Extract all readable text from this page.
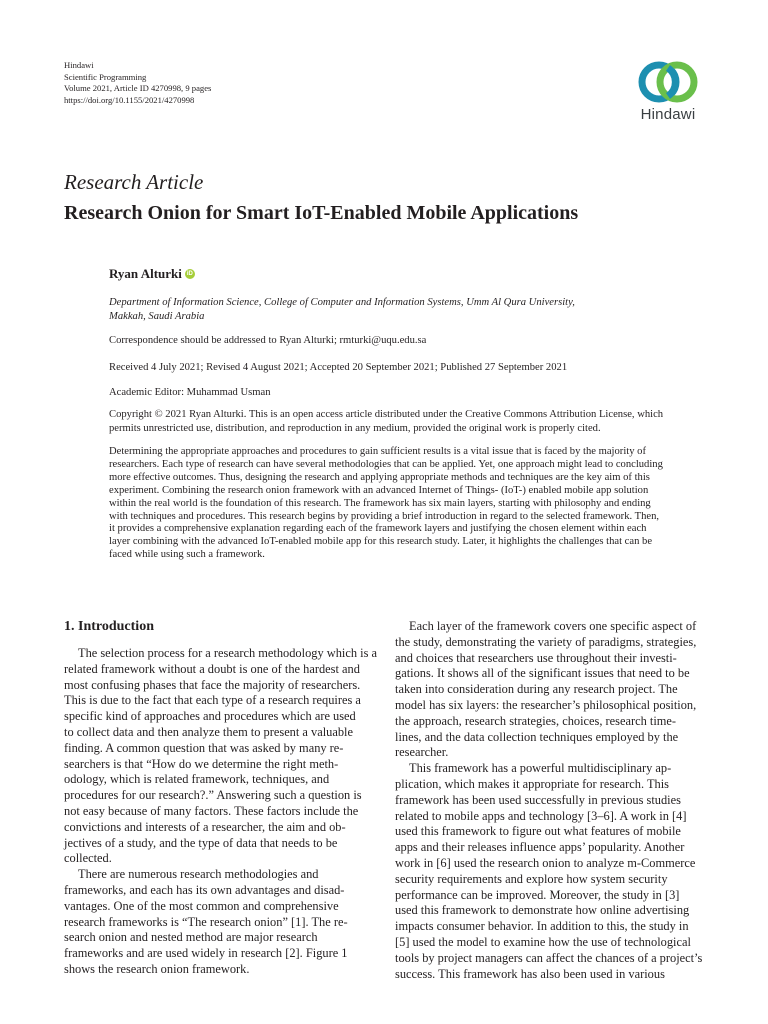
Hindawi
Scientific Programming
Volume 2021, Article ID 4270998, 9 pages
https://doi.org/10.1155/2021/4270998
Hindawi
Research Article
Research Onion for Smart IoT-Enabled Mobile Applications
Ryan Alturki iD
Department of Information Science, College of Computer and Information Systems, Umm Al Qura University,
Makkah, Saudi Arabia
Correspondence should be addressed to Ryan Alturki; rmturki@uqu.edu.sa
Received 4 July 2021; Revised 4 August 2021; Accepted 20 September 2021; Published 27 September 2021
Academic Editor: Muhammad Usman
Copyright © 2021 Ryan Alturki. This is an open access article distributed under the Creative Commons Attribution License, which
permits unrestricted use, distribution, and reproduction in any medium, provided the original work is properly cited.
Determining the appropriate approaches and procedures to gain sufficient results is a vital issue that is faced by the majority of
researchers. Each type of research can have several methodologies that can be applied. Yet, one approach might lead to concluding
more effective outcomes. Thus, designing the research and applying appropriate methods and techniques are the key aim of this
experiment. Combining the research onion framework with an advanced Internet of Things- (IoT-) enabled mobile app solution
within the real world is the foundation of this research. The framework has six main layers, starting with philosophy and ending
with techniques and procedures. This research begins by providing a brief introduction in regard to the selected framework. Then,
it provides a comprehensive explanation regarding each of the framework layers and justifying the chosen element within each
layer combining with the advanced IoT-enabled mobile app for this research study. Later, it highlights the challenges that can be
faced while using such a framework.
1. Introduction
The selection process for a research methodology which is a
related framework without a doubt is one of the hardest and
most confusing phases that face the majority of researchers.
This is due to the fact that each type of a research requires a
specific kind of approaches and procedures which are used
to collect data and then analyze them to present a valuable
finding. A common question that was asked by many re-
searchers is that “How do we determine the right meth-
odology, which is related framework, techniques, and
procedures for our research?.” Answering such a question is
not easy because of many factors. These factors include the
convictions and interests of a researcher, the aim and ob-
jectives of a study, and the type of data that needs to be
collected.
There are numerous research methodologies and
frameworks, and each has its own advantages and disad-
vantages. One of the most common and comprehensive
research frameworks is “The research onion” [1]. The re-
search onion and nested method are major research
frameworks and are used widely in research [2]. Figure 1
shows the research onion framework.
Each layer of the framework covers one specific aspect of
the study, demonstrating the variety of paradigms, strategies,
and choices that researchers use throughout their investi-
gations. It shows all of the significant issues that need to be
taken into consideration during any research project. The
model has six layers: the researcher’s philosophical position,
the approach, research strategies, choices, research time-
lines, and the data collection techniques employed by the
researcher.
This framework has a powerful multidisciplinary ap-
plication, which makes it appropriate for research. This
framework has been used successfully in previous studies
related to mobile apps and technology [3–6]. A work in [4]
used this framework to figure out what features of mobile
apps and their releases influence apps’ popularity. Another
work in [6] used the research onion to analyze m-Commerce
security requirements and explore how system security
performance can be improved. Moreover, the study in [3]
used this framework to demonstrate how online advertising
impacts consumer behavior. In addition to this, the study in
[5] used the model to examine how the use of technological
tools by project managers can affect the chances of a project’s
success. This framework has also been used in various
